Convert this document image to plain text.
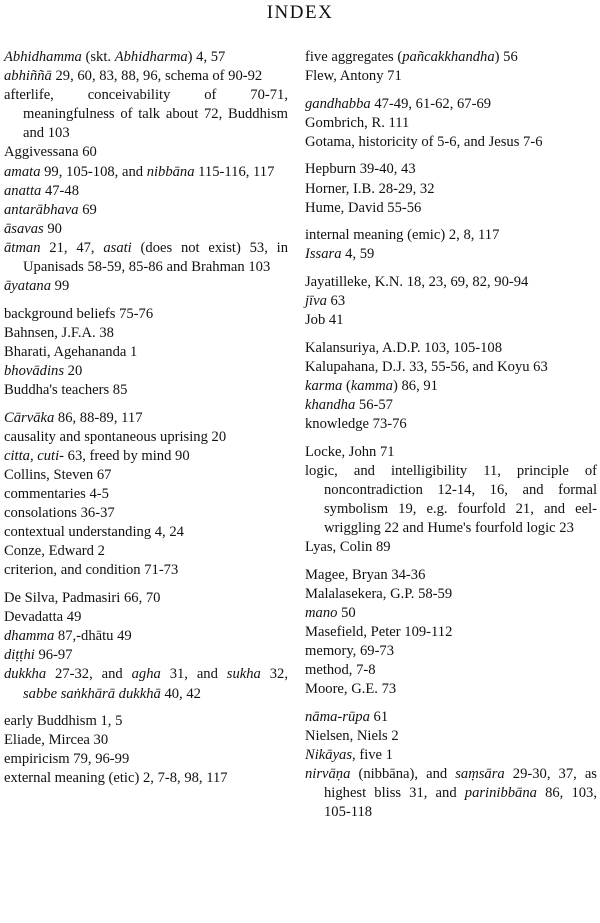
INDEX
Abhidhamma (skt. Abhidharma) 4, 57
abhiññā 29, 60, 83, 88, 96, schema of 90-92
afterlife, conceivability of 70-71, meaningfulness of talk about 72, Buddhism and 103
Aggivessana 60
amata 99, 105-108, and nibbāna 115-116, 117
anatta 47-48
antarābhava 69
āsavas 90
ātman 21, 47, asati (does not exist) 53, in Upanisads 58-59, 85-86 and Brahman 103
āyatana 99
background beliefs 75-76
Bahnsen, J.F.A. 38
Bharati, Agehananda 1
bhovādins 20
Buddha's teachers 85
Cārvāka 86, 88-89, 117
causality and spontaneous uprising 20
citta, cuti- 63, freed by mind 90
Collins, Steven 67
commentaries 4-5
consolations 36-37
contextual understanding 4, 24
Conze, Edward 2
criterion, and condition 71-73
De Silva, Padmasiri 66, 70
Devadatta 49
dhamma 87,-dhātu 49
diṭṭhi 96-97
dukkha 27-32, and agha 31, and sukha 32, sabbe saṅkhārā dukkhā 40, 42
early Buddhism 1, 5
Eliade, Mircea 30
empiricism 79, 96-99
external meaning (etic) 2, 7-8, 98, 117
five aggregates (pañcakkhandha) 56
Flew, Antony 71
gandhabba 47-49, 61-62, 67-69
Gombrich, R. 111
Gotama, historicity of 5-6, and Jesus 7-6
Hepburn 39-40, 43
Horner, I.B. 28-29, 32
Hume, David 55-56
internal meaning (emic) 2, 8, 117
Issara 4, 59
Jayatilleke, K.N. 18, 23, 69, 82, 90-94
jīva 63
Job 41
Kalansuriya, A.D.P. 103, 105-108
Kalupahana, D.J. 33, 55-56, and Koyu 63
karma (kamma) 86, 91
khandha 56-57
knowledge 73-76
Locke, John 71
logic, and intelligibility 11, principle of noncontradiction 12-14, 16, and formal symbolism 19, e.g. fourfold 21, and eel-wriggling 22 and Hume's fourfold logic 23
Lyas, Colin 89
Magee, Bryan 34-36
Malalasekera, G.P. 58-59
mano 50
Masefield, Peter 109-112
memory, 69-73
method, 7-8
Moore, G.E. 73
nāma-rūpa 61
Nielsen, Niels 2
Nikāyas, five 1
nirvāṇa (nibbāna), and saṃsāra 29-30, 37, as highest bliss 31, and parinibbāna 86, 103, 105-118
